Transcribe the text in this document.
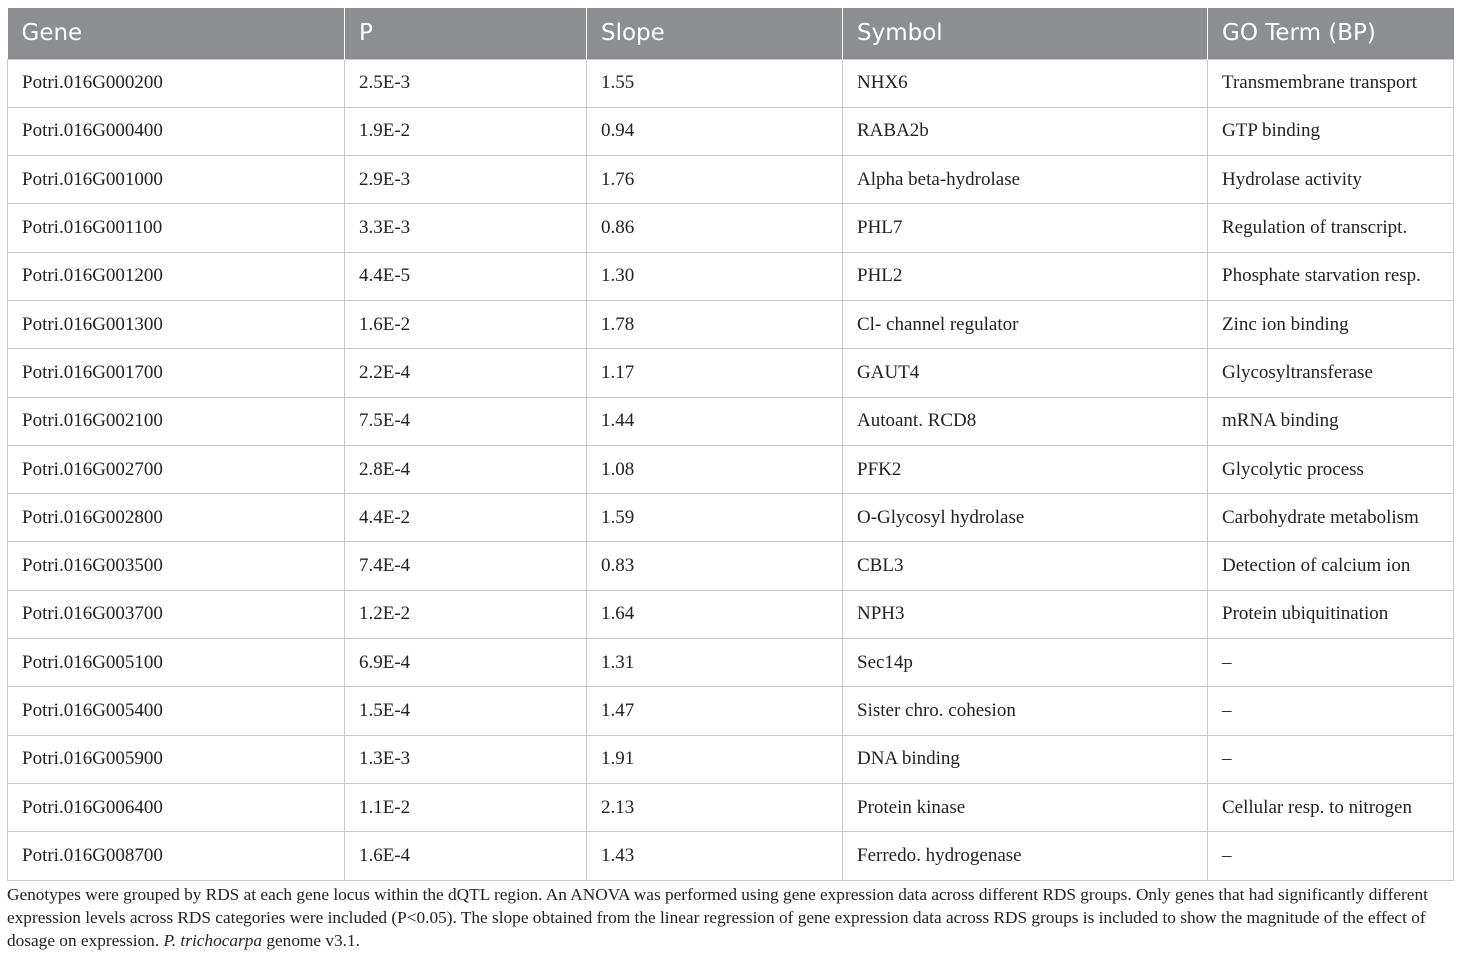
Gene	P	Slope	Symbol	GO Term (BP)
Potri.016G000200	2.5E-3	1.55	NHX6	Transmembrane transport
Potri.016G000400	1.9E-2	0.94	RABA2b	GTP binding
Potri.016G001000	2.9E-3	1.76	Alpha beta-hydrolase	Hydrolase activity
Potri.016G001100	3.3E-3	0.86	PHL7	Regulation of transcript.
Potri.016G001200	4.4E-5	1.30	PHL2	Phosphate starvation resp.
Potri.016G001300	1.6E-2	1.78	Cl- channel regulator	Zinc ion binding
Potri.016G001700	2.2E-4	1.17	GAUT4	Glycosyltransferase
Potri.016G002100	7.5E-4	1.44	Autoant. RCD8	mRNA binding
Potri.016G002700	2.8E-4	1.08	PFK2	Glycolytic process
Potri.016G002800	4.4E-2	1.59	O-Glycosyl hydrolase	Carbohydrate metabolism
Potri.016G003500	7.4E-4	0.83	CBL3	Detection of calcium ion
Potri.016G003700	1.2E-2	1.64	NPH3	Protein ubiquitination
Potri.016G005100	6.9E-4	1.31	Sec14p	–
Potri.016G005400	1.5E-4	1.47	Sister chro. cohesion	–
Potri.016G005900	1.3E-3	1.91	DNA binding	–
Potri.016G006400	1.1E-2	2.13	Protein kinase	Cellular resp. to nitrogen
Potri.016G008700	1.6E-4	1.43	Ferredo. hydrogenase	–
Genotypes were grouped by RDS at each gene locus within the dQTL region. An ANOVA was performed using gene expression data across different RDS groups. Only genes that had significantly different expression levels across RDS categories were included (P<0.05). The slope obtained from the linear regression of gene expression data across RDS groups is included to show the magnitude of the effect of dosage on expression. P. trichocarpa genome v3.1.
